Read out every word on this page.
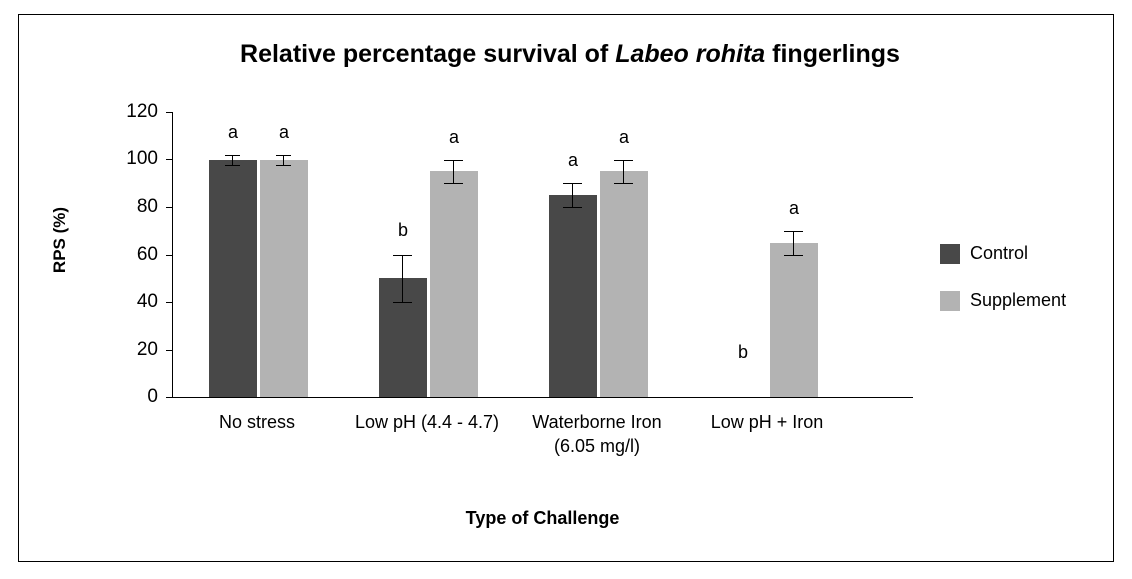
Relative percentage survival of Labeo rohita fingerlings
120
100
80
60
40
20
0
RPS (%)
a	a
b
a
a
a
b
a
No stress	Low pH (4.4 - 4.7)	Waterborne Iron
(6.05 mg/l)
Low pH + Iron
Type of Challenge
Control
Supplement
